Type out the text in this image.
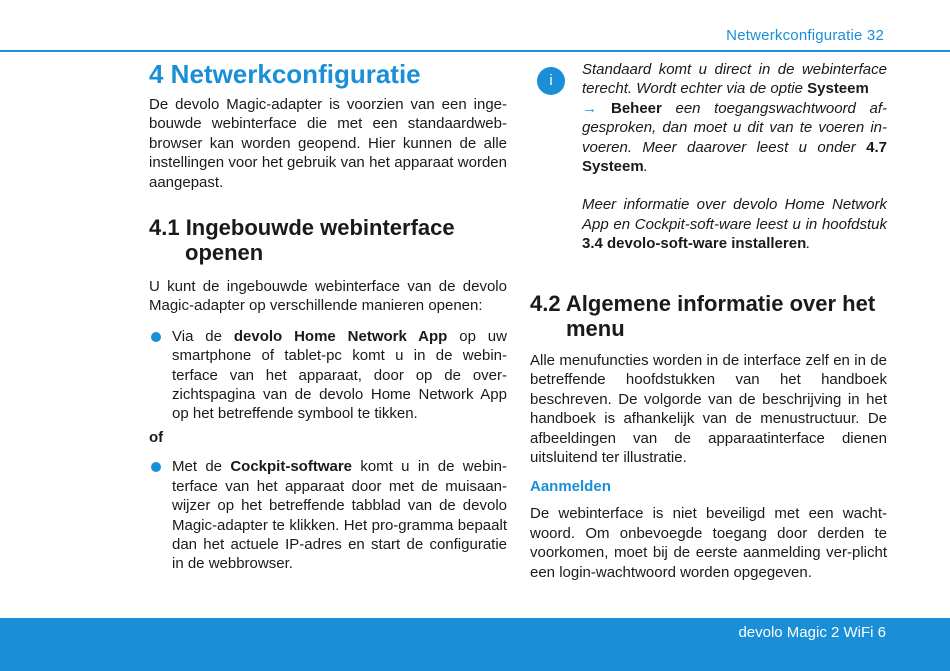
Netwerkconfiguratie 32
4 Netwerkconfiguratie

De devolo Magic-adapter is voorzien van een inge-bouwde webinterface die met een standaardweb-browser kan worden geopend. Hier kunnen de alle instellingen voor het gebruik van het apparaat worden aangepast.

4.1 Ingebouwde webinterface
openen

U kunt de ingebouwde webinterface van de devolo Magic-adapter op verschillende manieren openen:

Via de devolo Home Network App op uw smartphone of tablet-pc komt u in de webin-terface van het apparaat, door op de over-zichtspagina van de devolo Home Network App op het betreffende symbool te tikken.

of

Met de Cockpit-software komt u in de webin-terface van het apparaat door met de muisaan-wijzer op het betreffende tabblad van de devolo Magic-adapter te klikken. Het pro-gramma bepaalt dan het actuele IP-adres en start de configuratie in de webbrowser.

i

Standaard komt u direct in de webinterface terecht. Wordt echter via de optie Systeem
→ Beheer een toegangswachtwoord af-gesproken, dan moet u dit van te voeren in-voeren. Meer daarover leest u onder 4.7 Systeem.

Meer informatie over devolo Home Network App en Cockpit-soft-ware leest u in hoofdstuk 3.4 devolo-soft-ware installeren.

4.2 Algemene informatie over het
menu

Alle menufuncties worden in de interface zelf en in de betreffende hoofdstukken van het handboek beschreven. De volgorde van de beschrijving in het handboek is afhankelijk van de menustructuur. De afbeeldingen van de apparaatinterface dienen uitsluitend ter illustratie.

Aanmelden

De webinterface is niet beveiligd met een wacht-woord. Om onbevoegde toegang door derden te voorkomen, moet bij de eerste aanmelding ver-plicht een login-wachtwoord worden opgegeven.

devolo Magic 2 WiFi 6
